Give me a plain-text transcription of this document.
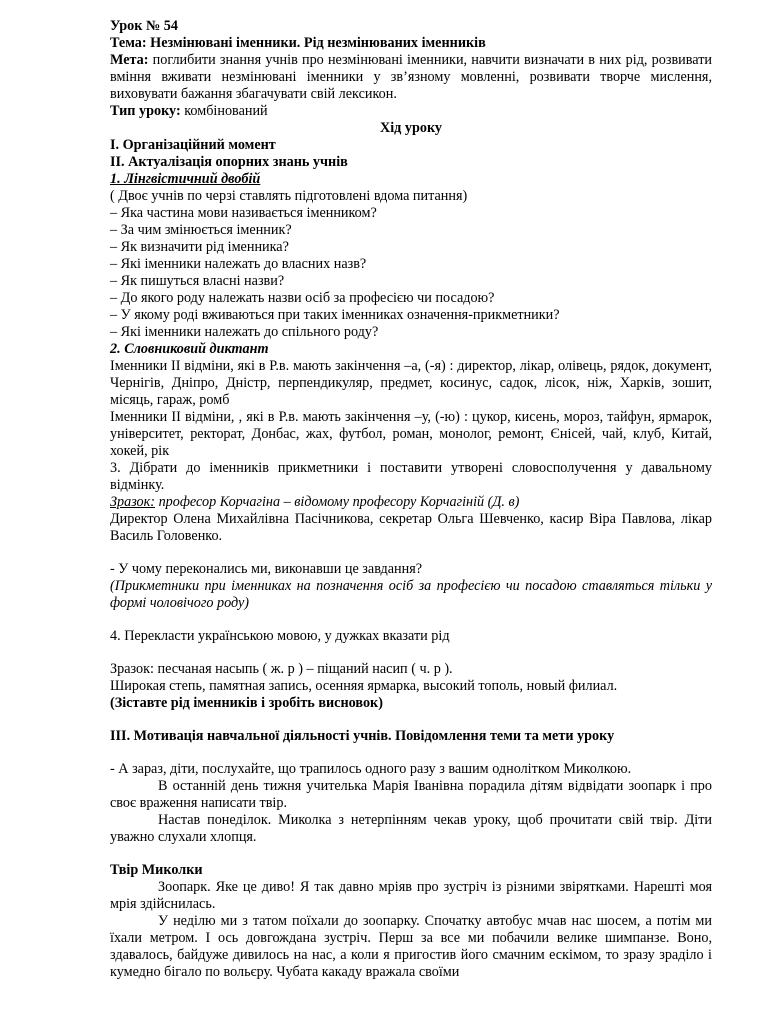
Урок № 54

Тема: Незмінювані іменники. Рід незмінюваних іменників

Мета: поглибити знання учнів про незмінювані іменники, навчити визначати в них рід, розвивати вміння вживати незмінювані іменники у зв’язному мовленні, розвивати творче мислення, виховувати бажання збагачувати свій лексикон.

Тип уроку: комбінований

Хід уроку

І. Організаційний момент

ІІ. Актуалізація опорних знань учнів

1. Лінгвістичний двобій

( Двоє учнів по черзі ставлять підготовлені вдома питання)

– Яка частина мови називається іменником?

– За чим змінюється іменник?

– Як визначити рід іменника?

– Які іменники належать до власних назв?

– Як пишуться власні назви?

– До якого роду належать назви осіб за професією чи посадою?

– У якому роді вживаються при таких іменниках означення-прикметники?

– Які іменники належать до спільного роду?

2. Словниковий диктант

Іменники ІІ відміни, які в Р.в. мають закінчення –а, (-я) : директор, лікар, олівець, рядок, документ, Чернігів, Дніпро, Дністр, перпендикуляр, предмет, косинус, садок, лісок, ніж, Харків, зошит, місяць, гараж, ромб

Іменники ІІ відміни, , які в Р.в. мають закінчення –у, (-ю) : цукор, кисень, мороз, тайфун, ярмарок, університет, ректорат, Донбас, жах, футбол, роман, монолог, ремонт, Єнісей, чай, клуб, Китай, хокей, рік

3. Дібрати до іменників прикметники і поставити утворені словосполучення у давальному відмінку.

Зразок: професор Корчагіна – відомому професору Корчагіній (Д. в)

Директор Олена Михайлівна Пасічникова, секретар Ольга Шевченко, касир Віра Павлова, лікар Василь Головенко.

- У чому переконались ми, виконавши це завдання?

(Прикметники при іменниках на позначення осіб за професією чи посадою ставляться тільки у формі чоловічого роду)

4. Перекласти українською мовою, у дужках вказати рід

Зразок: песчаная насыпь ( ж. р ) – піщаний насип ( ч. р ).

Широкая степь, памятная запись, осенняя ярмарка, высокий тополь, новый филиал.

(Зіставте рід іменників і зробіть висновок)

ІІІ. Мотивація навчальної діяльності учнів. Повідомлення теми та мети уроку

- А зараз, діти, послухайте, що трапилось одного разу з вашим однолітком Миколкою.

В останній день тижня учителька Марія Іванівна порадила дітям відвідати зоопарк і про своє враження написати твір.

Настав понеділок. Миколка з нетерпінням чекав уроку, щоб прочитати свій твір. Діти уважно слухали хлопця.

Твір Миколки

Зоопарк. Яке це диво! Я так давно мріяв про зустріч із різними звірятками. Нарешті моя мрія здійснилась.

У неділю ми з татом поїхали до зоопарку. Спочатку автобус мчав нас шосем, а потім ми їхали метром. І ось довгождана зустріч. Перш за все ми побачили велике шимпанзе. Воно, здавалось, байдуже дивилось на нас, а коли я пригостив його смачним ескімом, то зразу зраділо і кумедно бігало по вольєру. Чубата какаду вражала своїми
